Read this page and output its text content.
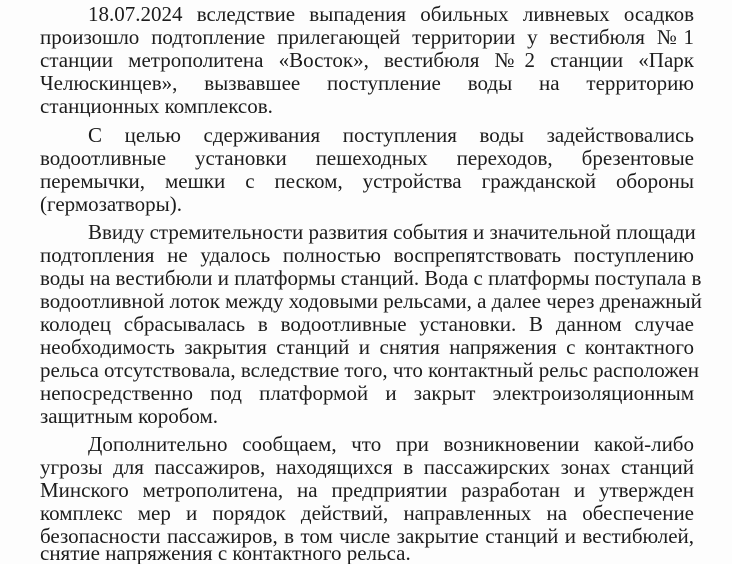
18.07.2024 вследствие выпадения обильных ливневых осадков
произошло подтопление прилегающей территории у вестибюля №1
станции метрополитена «Восток», вестибюля №2 станции «Парк
Челюскинцев», вызвавшее поступление воды на территорию
станционных комплексов.
С целью сдерживания поступления воды задействовались
водоотливные установки пешеходных переходов, брезентовые
перемычки, мешки с песком, устройства гражданской обороны
(гермозатворы).
Ввиду стремительности развития события и значительной площади
подтопления не удалось полностью воспрепятствовать поступлению
воды на вестибюли и платформы станций. Вода с платформы поступала в
водоотливной лоток между ходовыми рельсами, а далее через дренажный
колодец сбрасывалась в водоотливные установки. В данном случае
необходимость закрытия станций и снятия напряжения с контактного
рельса отсутствовала, вследствие того, что контактный рельс расположен
непосредственно под платформой и закрыт электроизоляционным
защитным коробом.
Дополнительно сообщаем, что при возникновении какой-либо
угрозы для пассажиров, находящихся в пассажирских зонах станций
Минского метрополитена, на предприятии разработан и утвержден
комплекс мер и порядок действий, направленных на обеспечение
безопасности пассажиров, в том числе закрытие станций и вестибюлей,
снятие напряжения с контактного рельса.
